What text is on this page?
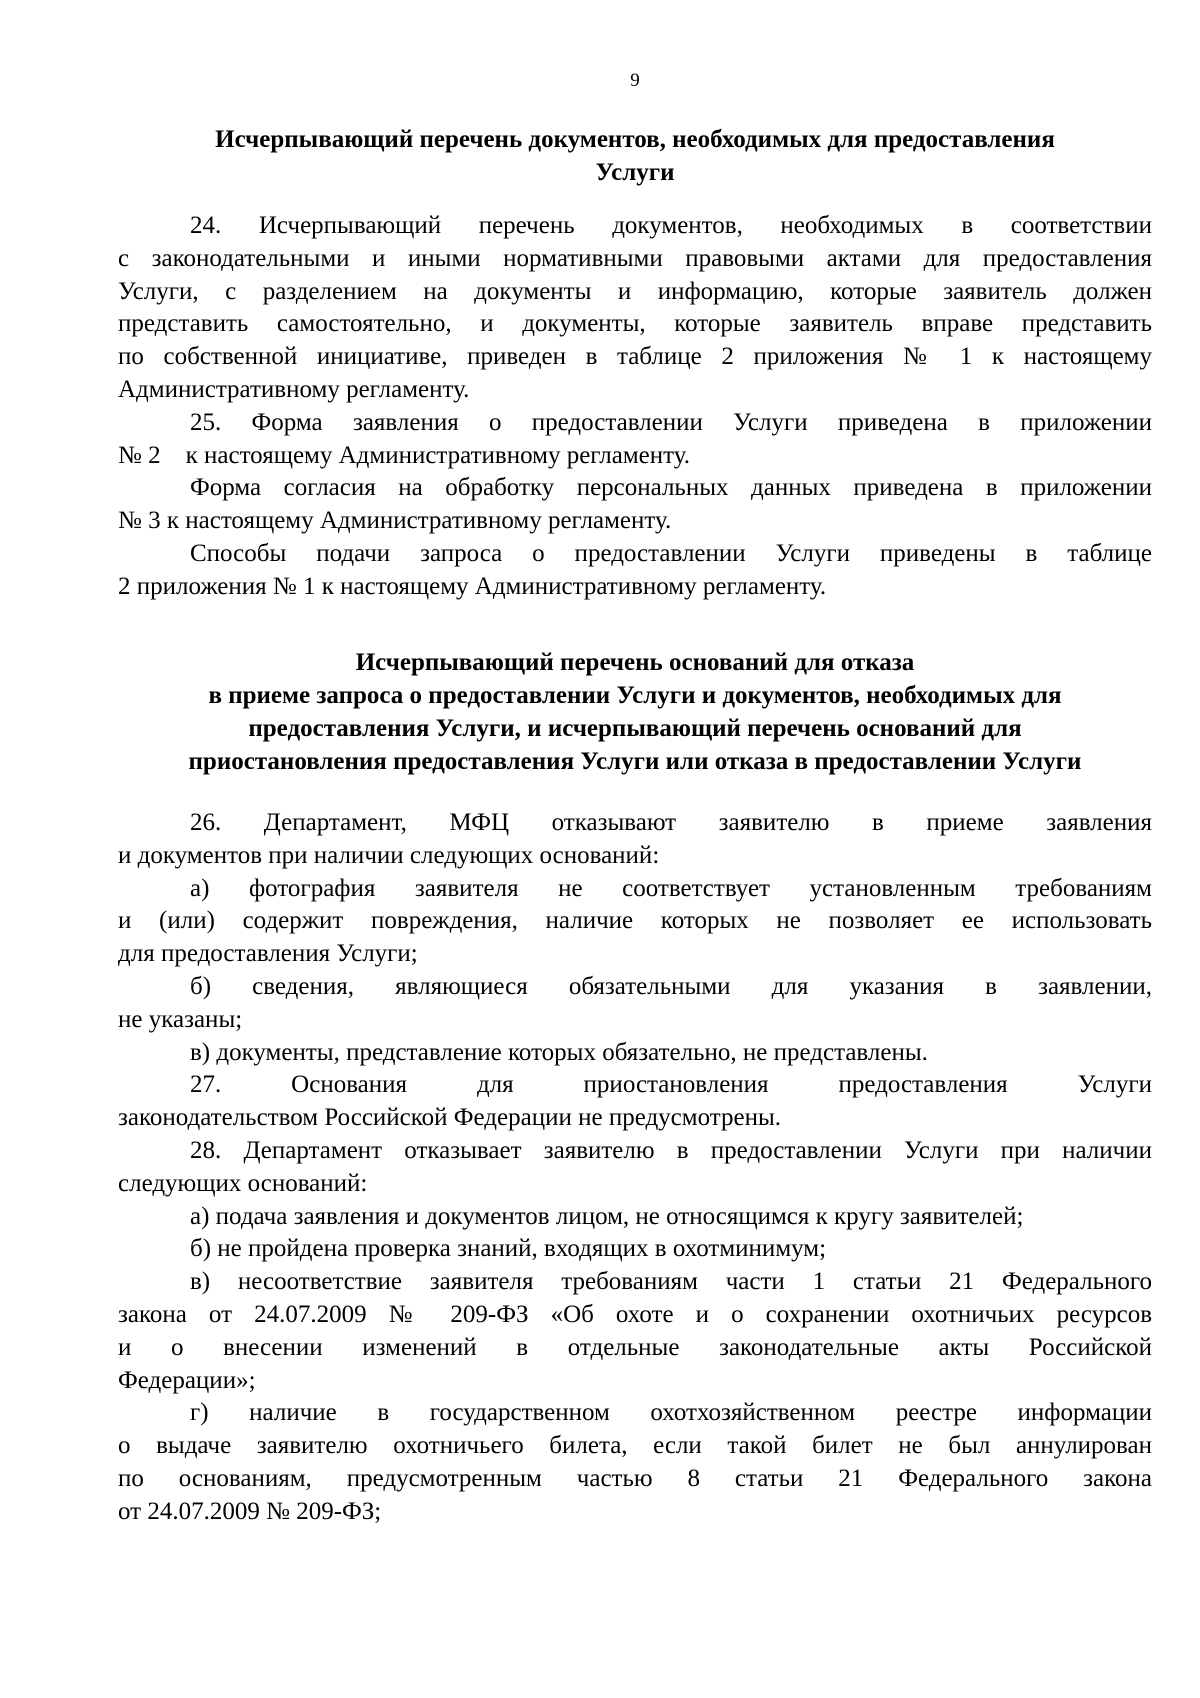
9
Исчерпывающий перечень документов, необходимых для предоставления
Услуги
24. Исчерпывающий перечень документов, необходимых в соответствии
с законодательными и иными нормативными правовыми актами для предоставления
Услуги, с разделением на документы и информацию, которые заявитель должен
представить самостоятельно, и документы, которые заявитель вправе представить
по собственной инициативе, приведен в таблице 2 приложения № 1 к настоящему
Административному регламенту.
25. Форма заявления о предоставлении Услуги приведена в приложении
№ 2    к настоящему Административному регламенту.
Форма согласия на обработку персональных данных приведена в приложении
№ 3 к настоящему Административному регламенту.
Способы подачи запроса о предоставлении Услуги приведены в таблице
2 приложения № 1 к настоящему Административному регламенту.
Исчерпывающий перечень оснований для отказа
в приеме запроса о предоставлении Услуги и документов, необходимых для
предоставления Услуги, и исчерпывающий перечень оснований для
приостановления предоставления Услуги или отказа в предоставлении Услуги
26. Департамент, МФЦ отказывают заявителю в приеме заявления
и документов при наличии следующих оснований:
а) фотография заявителя не соответствует установленным требованиям
и (или) содержит повреждения, наличие которых не позволяет ее использовать
для предоставления Услуги;
б) сведения, являющиеся обязательными для указания в заявлении,
не указаны;
в) документы, представление которых обязательно, не представлены.
27. Основания для приостановления предоставления Услуги
законодательством Российской Федерации не предусмотрены.
28. Департамент отказывает заявителю в предоставлении Услуги при наличии
следующих оснований:
а) подача заявления и документов лицом, не относящимся к кругу заявителей;
б) не пройдена проверка знаний, входящих в охотминимум;
в) несоответствие заявителя требованиям части 1 статьи 21 Федерального
закона от 24.07.2009 № 209-ФЗ «Об охоте и о сохранении охотничьих ресурсов
и о внесении изменений в отдельные законодательные акты Российской
Федерации»;
г) наличие в государственном охотхозяйственном реестре информации
о выдаче заявителю охотничьего билета, если такой билет не был аннулирован
по основаниям, предусмотренным частью 8 статьи 21 Федерального закона
от 24.07.2009 № 209-ФЗ;
